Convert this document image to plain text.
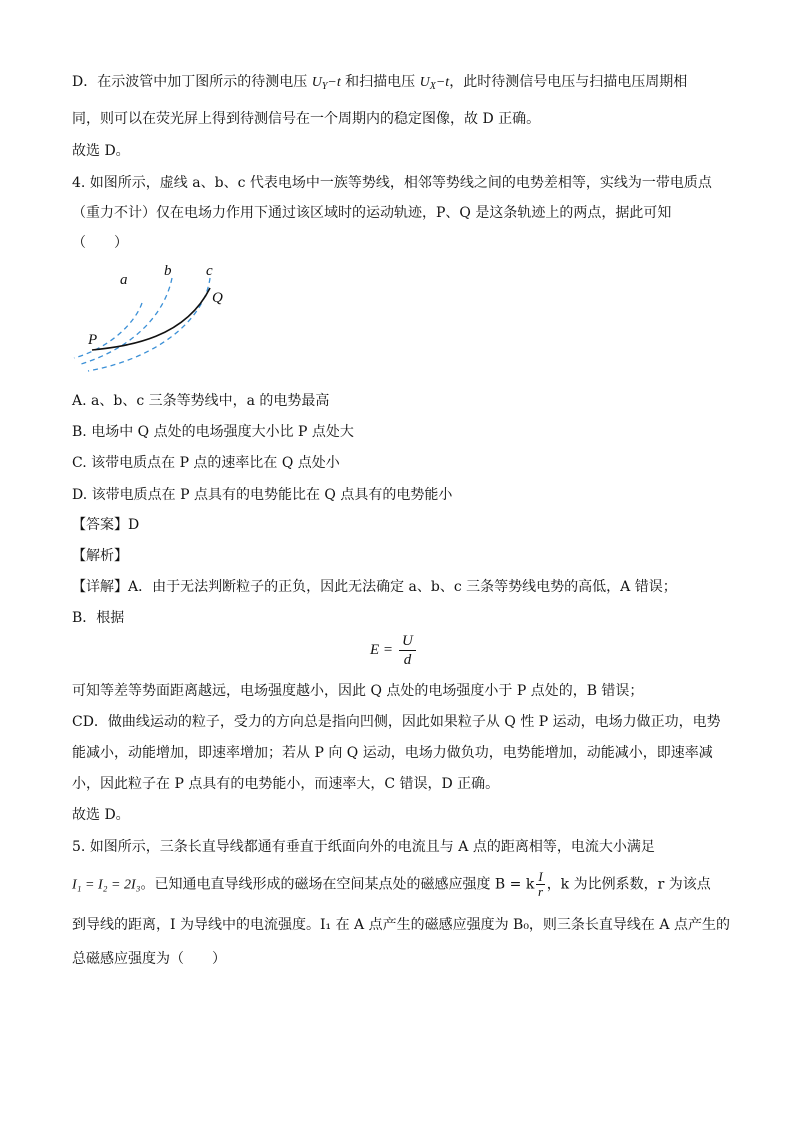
D．在示波管中加丁图所示的待测电压 $U_Y-t$ 和扫描电压 $U_X-t$，此时待测信号电压与扫描电压周期相
同，则可以在荧光屏上得到待测信号在一个周期内的稳定图像，故 D 正确。
故选 D。
4. 如图所示，虚线 a、b、c 代表电场中一族等势线，相邻等势线之间的电势差相等，实线为一带电质点
（重力不计）仅在电场力作用下通过该区域时的运动轨迹，P、Q 是这条轨迹上的两点，据此可知
（　　）
a
b c
P
Q
A. a、b、c 三条等势线中，a 的电势最高
B. 电场中 Q 点处的电场强度大小比 P 点处大
C. 该带电质点在 P 点的速率比在 Q 点处小
D. 该带电质点在 P 点具有的电势能比在 Q 点具有的电势能小
【答案】D
【解析】
【详解】A．由于无法判断粒子的正负，因此无法确定 a、b、c 三条等势线电势的高低，A 错误；
B．根据
$E = \frac{U}{d}$
可知等差等势面距离越远，电场强度越小，因此 Q 点处的电场强度小于 P 点处的，B 错误；
CD．做曲线运动的粒子，受力的方向总是指向凹侧，因此如果粒子从 Q 性 P 运动，电场力做正功，电势
能减小，动能增加，即速率增加；若从 P 向 Q 运动，电场力做负功，电势能增加，动能减小，即速率减
小，因此粒子在 P 点具有的电势能小，而速率大，C 错误，D 正确。
故选 D。
5. 如图所示，三条长直导线都通有垂直于纸面向外的电流且与 A 点的距离相等，电流大小满足
I₁ = I₂ = 2I₃。已知通电直导线形成的磁场在空间某点处的磁感应强度 B = k $\frac{I}{r}$ ，k 为比例系数，r 为该点
到导线的距离，I 为导线中的电流强度。I₁ 在 A 点产生的磁感应强度为 B₀，则三条长直导线在 A 点产生的
总磁感应强度为（　　）
